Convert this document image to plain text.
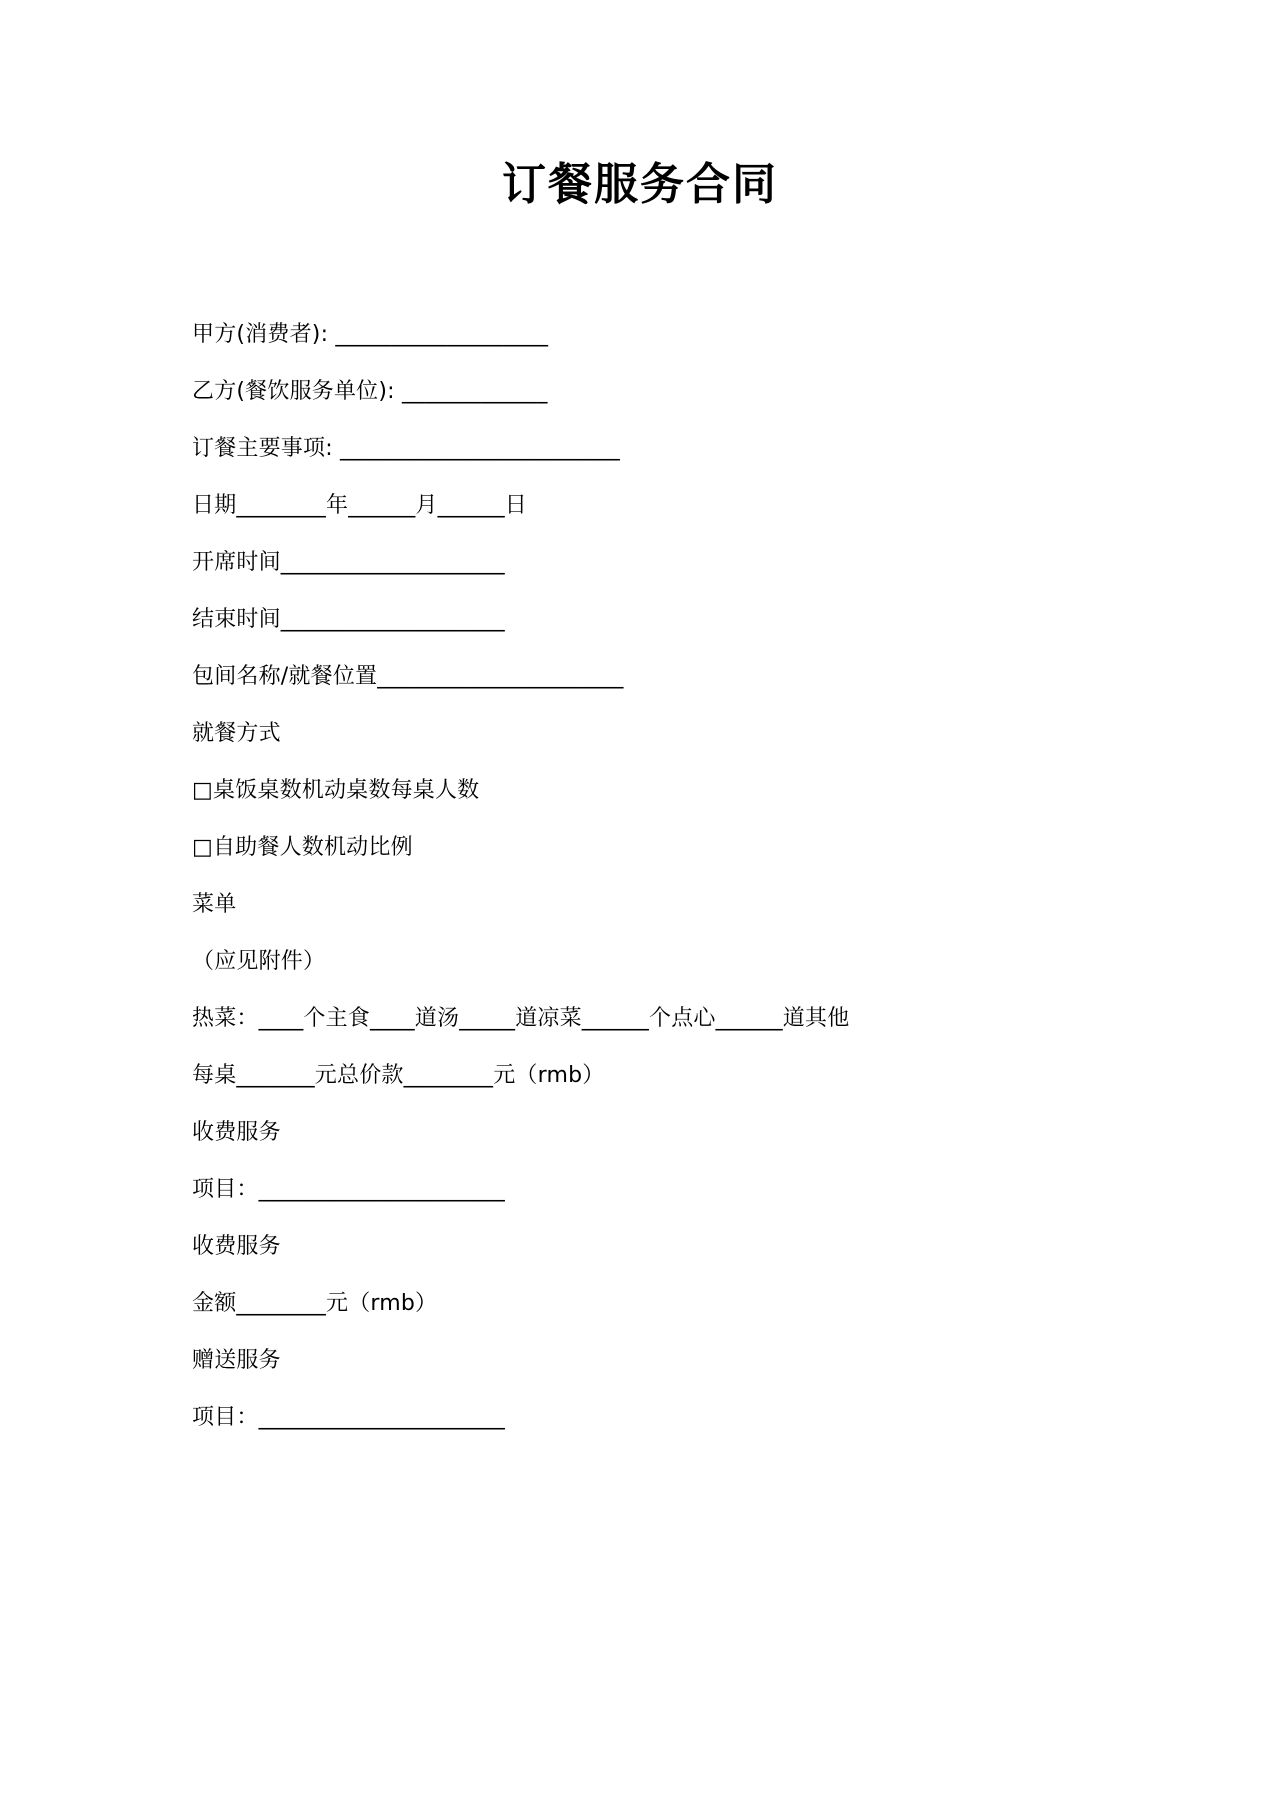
订餐服务合同
甲方(消费者): ___________________
乙方(餐饮服务单位): _____________
订餐主要事项: _________________________
日期________年______月______日
开席时间____________________
结束时间____________________
包间名称/就餐位置______________________
就餐方式
□桌饭桌数机动桌数每桌人数
□自助餐人数机动比例
菜单
（应见附件）
热菜：____个主食____道汤_____道凉菜______个点心______道其他
每桌_______元总价款________元（rmb）
收费服务
项目：______________________
收费服务
金额________元（rmb）
赠送服务
项目：______________________
